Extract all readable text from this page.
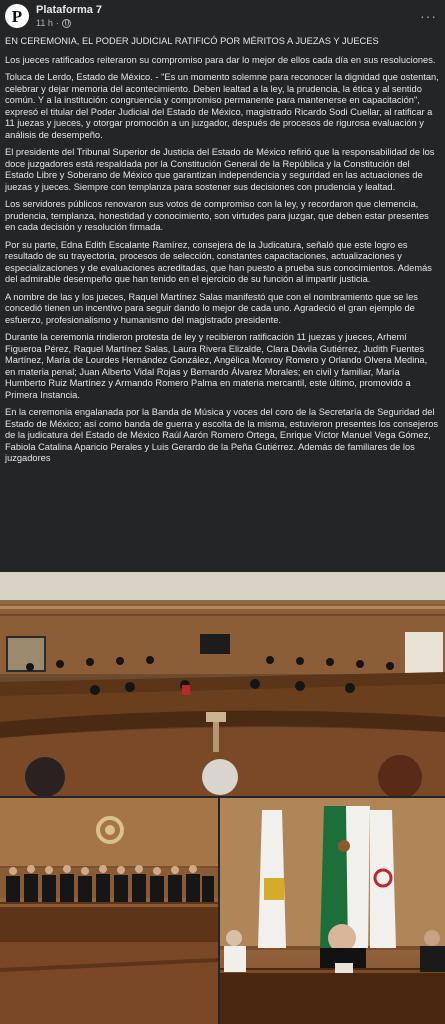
P Plataforma 7
11 h ·	···

EN CEREMONIA, EL PODER JUDICIAL RATIFICÓ POR MÉRITOS A JUEZAS Y JUECES

Los jueces ratificados reiteraron su compromiso para dar lo mejor de ellos cada día en sus resoluciones.

Toluca de Lerdo, Estado de México. - "Es un momento solemne para reconocer la dignidad que ostentan, celebrar y dejar memoria del acontecimiento. Deben lealtad a la ley, la prudencia, la ética y al sentido común. Y a la institución: congruencia y compromiso permanente para mantenerse en capacitación", expresó el titular del Poder Judicial del Estado de México, magistrado Ricardo Sodi Cuellar, al ratificar a 11 juezas y jueces, y otorgar promoción a un juzgador, después de procesos de rigurosa evaluación y análisis de desempeño.

El presidente del Tribunal Superior de Justicia del Estado de México refirió que la responsabilidad de los doce juzgadores está respaldada por la Constitución General de la República y la Constitución del Estado Libre y Soberano de México que garantizan independencia y seguridad en las actuaciones de juezas y jueces. Siempre con templanza para sostener sus decisiones con prudencia y lealtad.

Los servidores públicos renovaron sus votos de compromiso con la ley, y recordaron que clemencia, prudencia, templanza, honestidad y conocimiento, son virtudes para juzgar, que deben estar presentes en cada decisión y resolución firmada.

Por su parte, Edna Edith Escalante Ramírez, consejera de la Judicatura, señaló que este logro es resultado de su trayectoria, procesos de selección, constantes capacitaciones, actualizaciones y especializaciones y de evaluaciones acreditadas, que han puesto a prueba sus conocimientos. Además del admirable desempeño que han tenido en el ejercicio de su función al impartir justicia.

A nombre de las y los jueces, Raquel Martínez Salas manifestó que con el nombramiento que se les concedió tienen un incentivo para seguir dando lo mejor de cada uno. Agradeció el gran ejemplo de esfuerzo, profesionalismo y humanismo del magistrado presidente.

Durante la ceremonia rindieron protesta de ley y recibieron ratificación 11 juezas y jueces, Arhemí Figueroa Pérez, Raquel Martínez Salas, Laura Rivera Elizalde, Clara Dávila Gutiérrez, Judith Fuentes Martínez, María de Lourdes Hernández González, Angélica Monroy Romero y Orlando Olvera Medina, en materia penal; Juan Alberto Vidal Rojas y Bernardo Álvarez Morales; en civil y familiar, María Humberto Ruiz Martínez y Armando Romero Palma en materia mercantil, este último, promovido a Primera Instancia.

En la ceremonia engalanada por la Banda de Música y voces del coro de la Secretaría de Seguridad del Estado de México; así como banda de guerra y escolta de la misma, estuvieron presentes los consejeros de la judicatura del Estado de México Raúl Aarón Romero Ortega, Enrique Víctor Manuel Vega Gómez, Fabiola Catalina Aparicio Perales y Luis Gerardo de la Peña Gutiérrez. Además de familiares de los juzgadores
